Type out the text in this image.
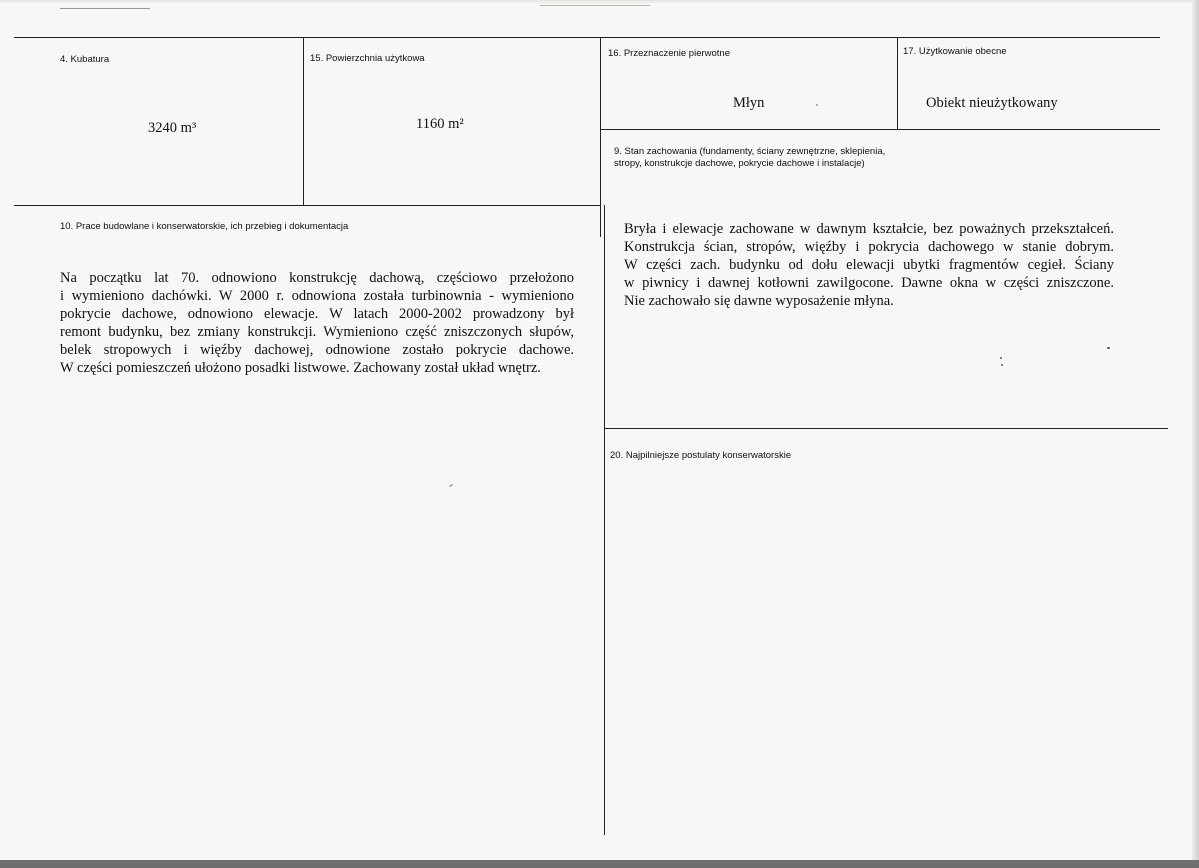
4. Kubatura
3240 m³
15. Powierzchnia użytkowa
1160 m²
16. Przeznaczenie pierwotne
Młyn
17. Użytkowanie obecne
Obiekt nieużytkowany
9. Stan zachowania (fundamenty, ściany zewnętrzne, sklepienia,
stropy, konstrukcje dachowe, pokrycie dachowe i instalacje)
Bryła i elewacje zachowane w dawnym kształcie, bez poważnych przekształceń.
Konstrukcja ścian, stropów, więźby i pokrycia dachowego w stanie dobrym.
W części zach. budynku od dołu elewacji ubytki fragmentów cegieł. Ściany
w piwnicy i dawnej kotłowni zawilgocone. Dawne okna w części zniszczone.
Nie zachowało się dawne wyposażenie młyna.
10. Prace budowlane i konserwatorskie, ich przebieg i dokumentacja
Na początku lat 70. odnowiono konstrukcję dachową, częściowo przełożono
i wymieniono dachówki. W 2000 r. odnowiona została turbinownia - wymieniono
pokrycie dachowe, odnowiono elewacje. W latach 2000-2002 prowadzony był
remont budynku, bez zmiany konstrukcji. Wymieniono część zniszczonych słupów,
belek stropowych i więźby dachowej, odnowione zostało pokrycie dachowe.
W części pomieszczeń ułożono posadki listwowe. Zachowany został układ wnętrz.
20. Najpilniejsze postulaty konserwatorskie
